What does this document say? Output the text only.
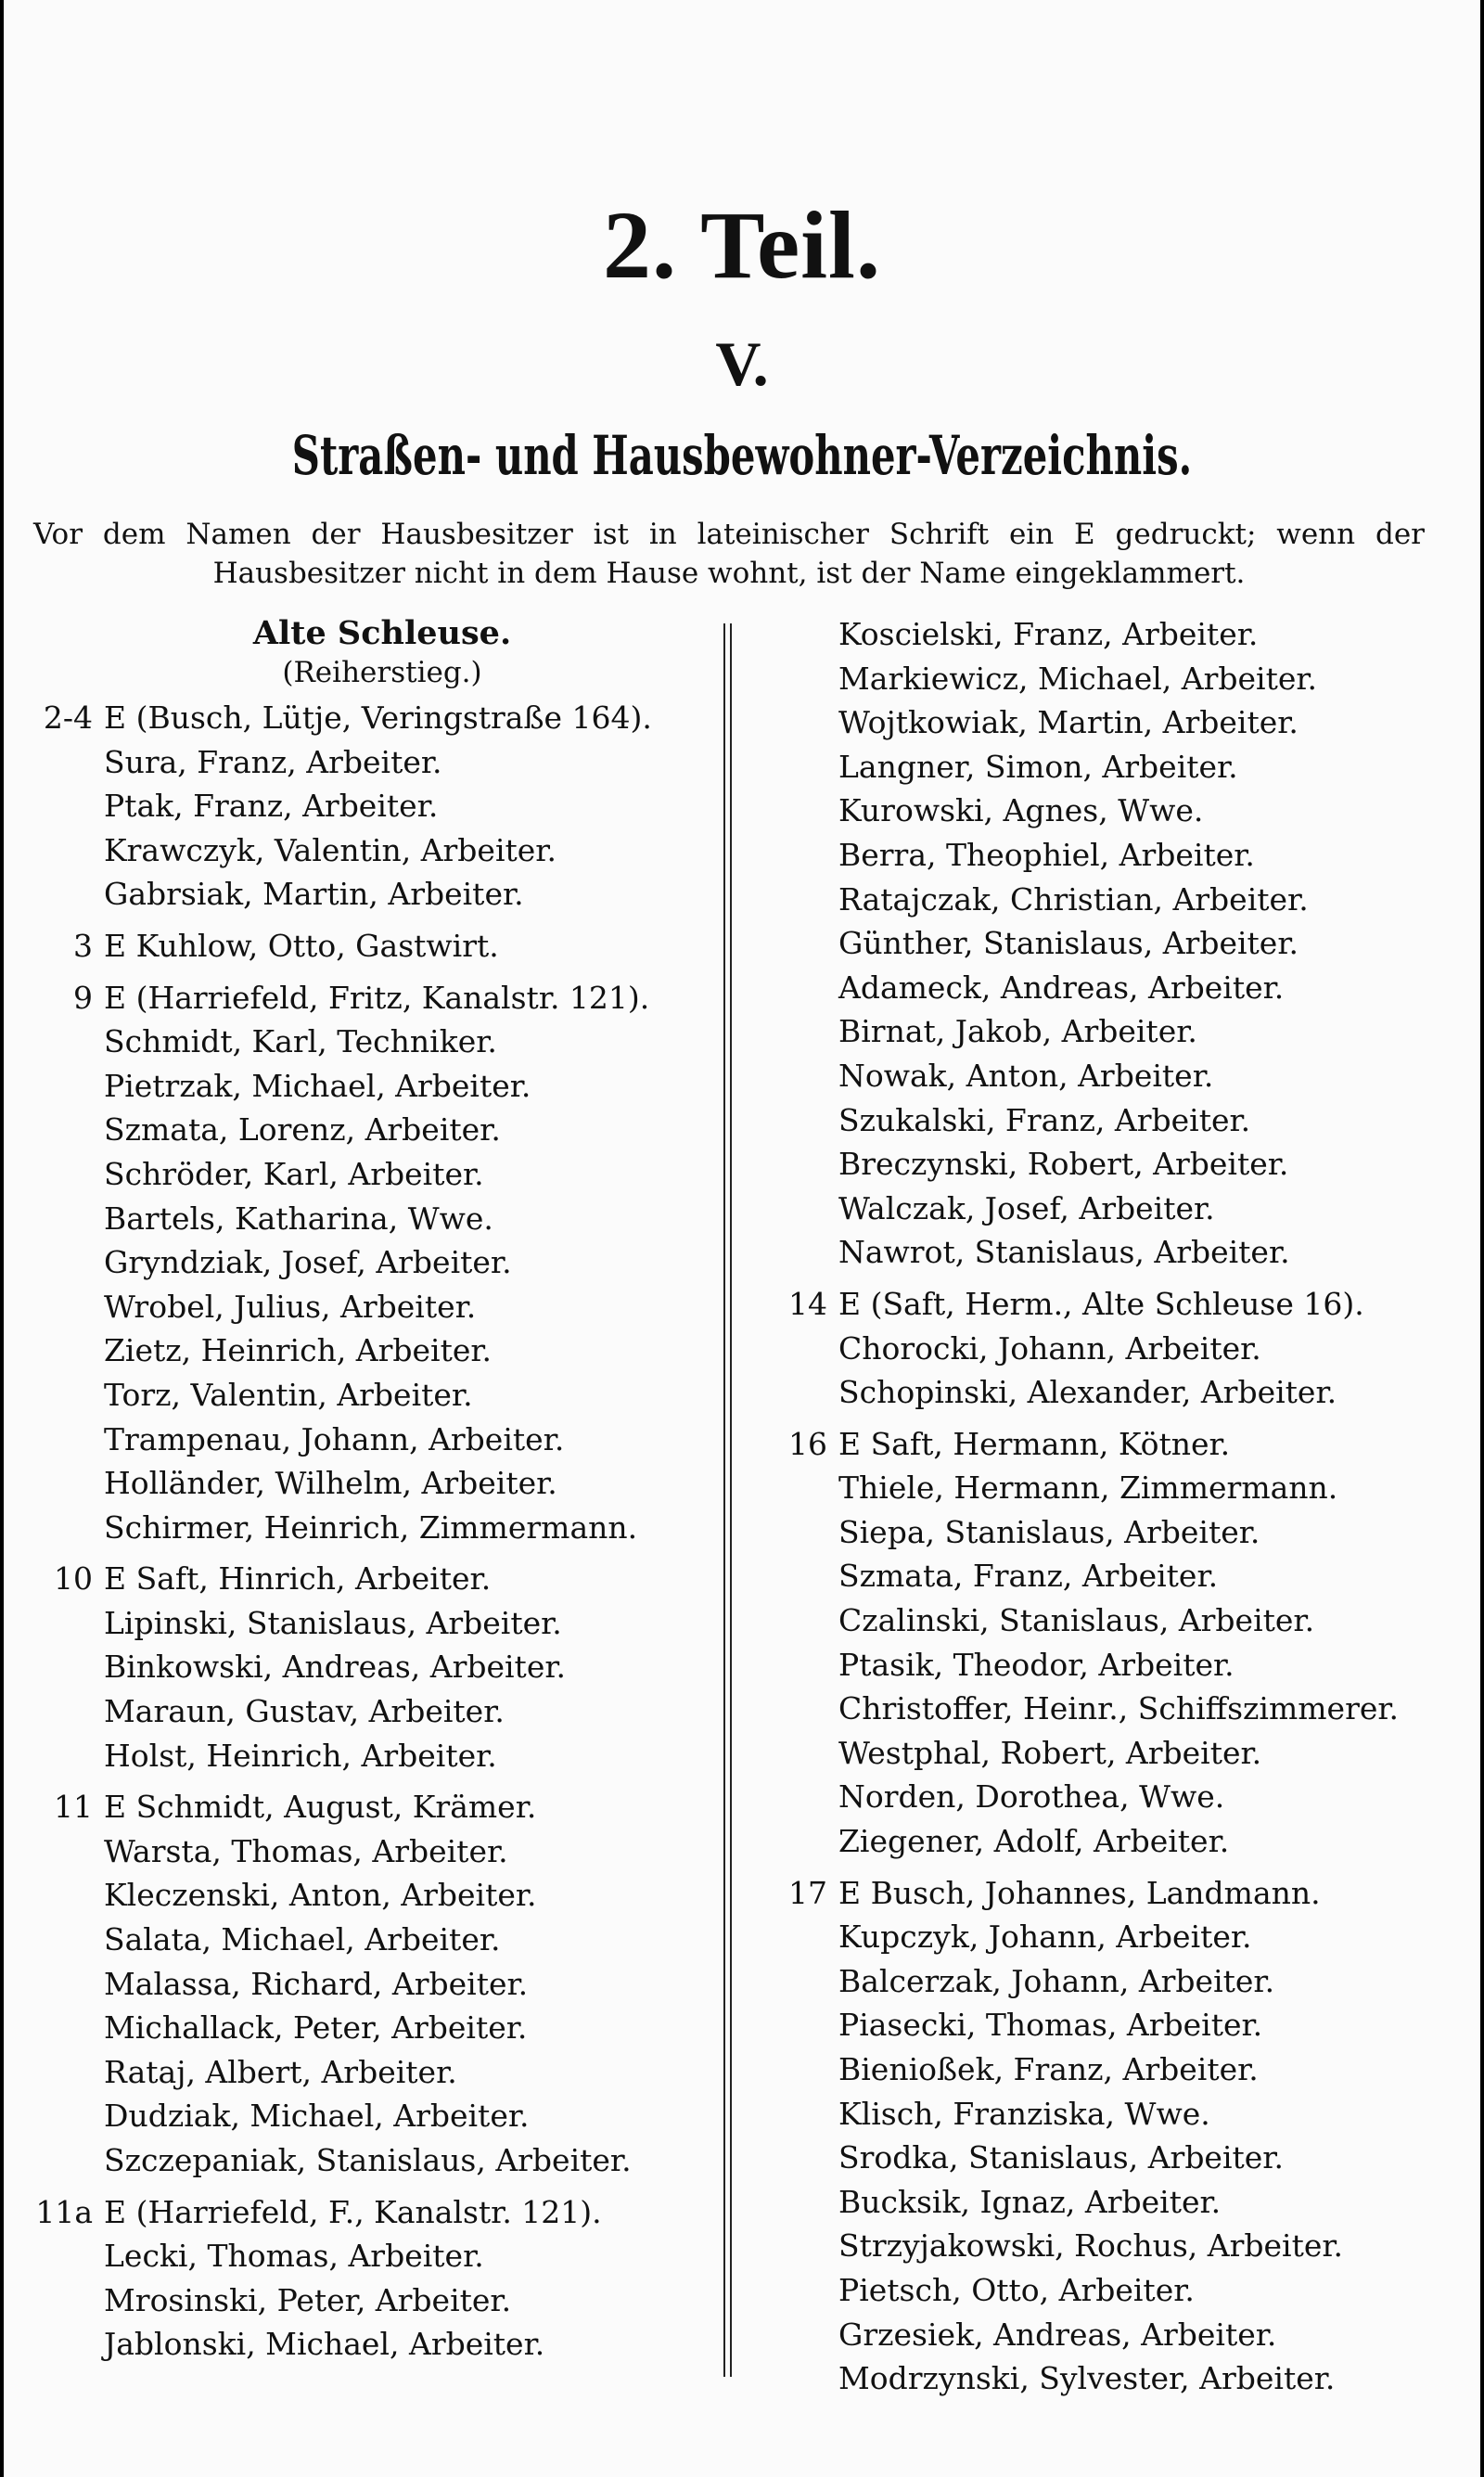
2. Teil.
V.
Straßen- und Hausbewohner-Verzeichnis.
Vor dem Namen der Hausbesitzer ist in lateinischer Schrift ein E gedruckt; wenn der
Hausbesitzer nicht in dem Hause wohnt, ist der Name eingeklammert.
Alte Schleuse.
(Reiherstieg.)
2-4 E (Busch, Lütje, Veringstraße 164).
Sura, Franz, Arbeiter.
Ptak, Franz, Arbeiter.
Krawczyk, Valentin, Arbeiter.
Gabrsiak, Martin, Arbeiter.
3 E Kuhlow, Otto, Gastwirt.
9 E (Harriefeld, Fritz, Kanalstr. 121).
Schmidt, Karl, Techniker.
Pietrzak, Michael, Arbeiter.
Szmata, Lorenz, Arbeiter.
Schröder, Karl, Arbeiter.
Bartels, Katharina, Wwe.
Gryndziak, Josef, Arbeiter.
Wrobel, Julius, Arbeiter.
Zietz, Heinrich, Arbeiter.
Torz, Valentin, Arbeiter.
Trampenau, Johann, Arbeiter.
Holländer, Wilhelm, Arbeiter.
Schirmer, Heinrich, Zimmermann.
10 E Saft, Hinrich, Arbeiter.
Lipinski, Stanislaus, Arbeiter.
Binkowski, Andreas, Arbeiter.
Maraun, Gustav, Arbeiter.
Holst, Heinrich, Arbeiter.
11 E Schmidt, August, Krämer.
Warsta, Thomas, Arbeiter.
Kleczenski, Anton, Arbeiter.
Salata, Michael, Arbeiter.
Malassa, Richard, Arbeiter.
Michallack, Peter, Arbeiter.
Rataj, Albert, Arbeiter.
Dudziak, Michael, Arbeiter.
Szczepaniak, Stanislaus, Arbeiter.
11a E (Harriefeld, F., Kanalstr. 121).
Lecki, Thomas, Arbeiter.
Mrosinski, Peter, Arbeiter.
Jablonski, Michael, Arbeiter.
Koscielski, Franz, Arbeiter.
Markiewicz, Michael, Arbeiter.
Wojtkowiak, Martin, Arbeiter.
Langner, Simon, Arbeiter.
Kurowski, Agnes, Wwe.
Berra, Theophiel, Arbeiter.
Ratajczak, Christian, Arbeiter.
Günther, Stanislaus, Arbeiter.
Adameck, Andreas, Arbeiter.
Birnat, Jakob, Arbeiter.
Nowak, Anton, Arbeiter.
Szukalski, Franz, Arbeiter.
Breczynski, Robert, Arbeiter.
Walczak, Josef, Arbeiter.
Nawrot, Stanislaus, Arbeiter.
14 E (Saft, Herm., Alte Schleuse 16).
Chorocki, Johann, Arbeiter.
Schopinski, Alexander, Arbeiter.
16 E Saft, Hermann, Kötner.
Thiele, Hermann, Zimmermann.
Siepa, Stanislaus, Arbeiter.
Szmata, Franz, Arbeiter.
Czalinski, Stanislaus, Arbeiter.
Ptasik, Theodor, Arbeiter.
Christoffer, Heinr., Schiffszimmerer.
Westphal, Robert, Arbeiter.
Norden, Dorothea, Wwe.
Ziegener, Adolf, Arbeiter.
17 E Busch, Johannes, Landmann.
Kupczyk, Johann, Arbeiter.
Balcerzak, Johann, Arbeiter.
Piasecki, Thomas, Arbeiter.
Bienioßek, Franz, Arbeiter.
Klisch, Franziska, Wwe.
Srodka, Stanislaus, Arbeiter.
Bucksik, Ignaz, Arbeiter.
Strzyjakowski, Rochus, Arbeiter.
Pietsch, Otto, Arbeiter.
Grzesiek, Andreas, Arbeiter.
Modrzynski, Sylvester, Arbeiter.
